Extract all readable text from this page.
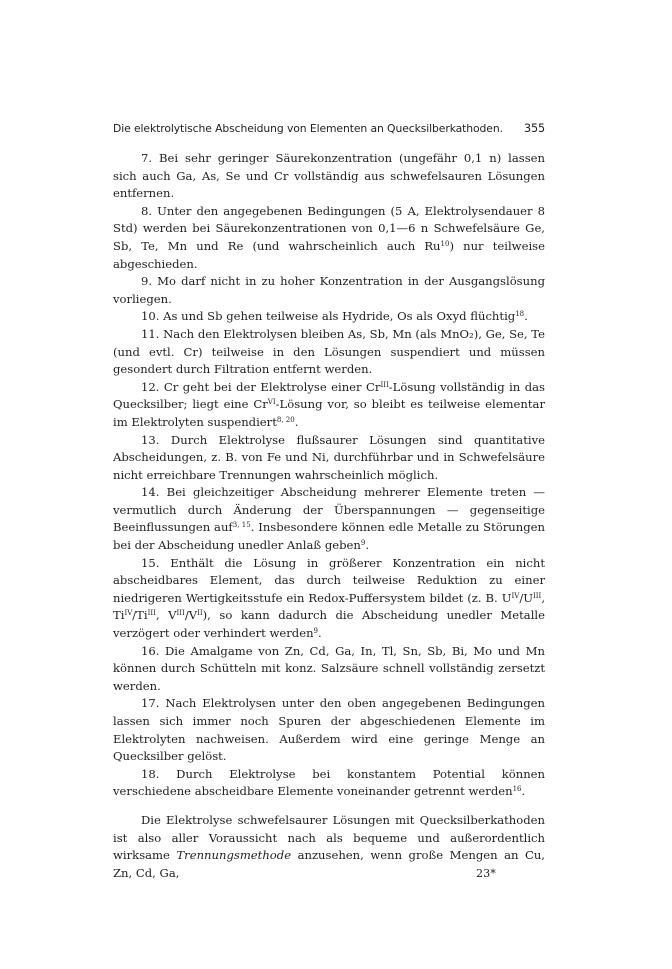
Die elektrolytische Abscheidung von Elementen an Quecksilberkathoden. 355

7. Bei sehr geringer Säurekonzentration (ungefähr 0,1 n) lassen sich auch Ga, As, Se und Cr vollständig aus schwefelsauren Lösungen entfernen.

8. Unter den angegebenen Bedingungen (5 A, Elektrolysendauer 8 Std) werden bei Säurekonzentrationen von 0,1—6 n Schwefelsäure Ge, Sb, Te, Mn und Re (und wahrscheinlich auch Ru$^{10}$) nur teilweise abgeschieden.

9. Mo darf nicht in zu hoher Konzentration in der Ausgangslösung vorliegen.

10. As und Sb gehen teilweise als Hydride, Os als Oxyd flüchtig$^{18}$.

11. Nach den Elektrolysen bleiben As, Sb, Mn (als MnO₂), Ge, Se, Te (und evtl. Cr) teilweise in den Lösungen suspendiert und müssen gesondert durch Filtration entfernt werden.

12. Cr geht bei der Elektrolyse einer $Cr^{III}$-Lösung vollständig in das Quecksilber; liegt eine $Cr^{VI}$-Lösung vor, so bleibt es teilweise elementar im Elektrolyten suspendiert$^{8, 20}$.

13. Durch Elektrolyse flußsaurer Lösungen sind quantitative Abscheidungen, z. B. von Fe und Ni, durchführbar und in Schwefelsäure nicht erreichbare Trennungen wahrscheinlich möglich.

14. Bei gleichzeitiger Abscheidung mehrerer Elemente treten — vermutlich durch Änderung der Überspannungen — gegenseitige Beeinflussungen auf$^{3, 15}$. Insbesondere können edle Metalle zu Störungen bei der Abscheidung unedler Anlaß geben$^9$.

15. Enthält die Lösung in größerer Konzentration ein nicht abscheidbares Element, das durch teilweise Reduktion zu einer niedrigeren Wertigkeitsstufe ein Redox-Puffersystem bildet (z. B. $U^{IV}/U^{III}$, $Ti^{IV}/Ti^{III}$, $V^{III}/V^{II}$), so kann dadurch die Abscheidung unedler Metalle verzögert oder verhindert werden$^9$.

16. Die Amalgame von Zn, Cd, Ga, In, Tl, Sn, Sb, Bi, Mo und Mn können durch Schütteln mit konz. Salzsäure schnell vollständig zersetzt werden.

17. Nach Elektrolysen unter den oben angegebenen Bedingungen lassen sich immer noch Spuren der abgeschiedenen Elemente im Elektrolyten nachweisen. Außerdem wird eine geringe Menge an Quecksilber gelöst.

18. Durch Elektrolyse bei konstantem Potential können verschiedene abscheidbare Elemente voneinander getrennt werden$^{16}$.

Die Elektrolyse schwefelsaurer Lösungen mit Quecksilberkathoden ist also aller Voraussicht nach als bequeme und außerordentlich wirksame Trennungsmethode anzusehen, wenn große Mengen an Cu, Zn, Cd, Ga,	23*
